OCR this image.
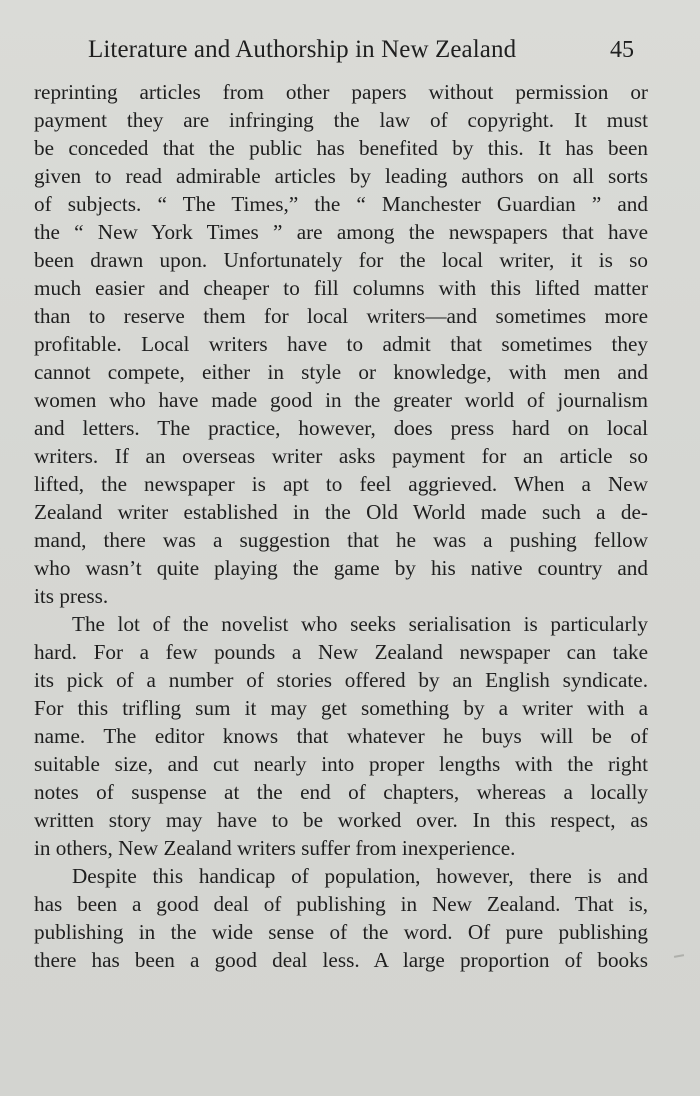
Literature and Authorship in New Zealand	45
reprinting articles from other papers without permission or
payment they are infringing the law of copyright. It must
be conceded that the public has benefited by this. It has been
given to read admirable articles by leading authors on all sorts
of subjects. “ The Times,” the “ Manchester Guardian ” and
the “ New York Times ” are among the newspapers that have
been drawn upon. Unfortunately for the local writer, it is so
much easier and cheaper to fill columns with this lifted matter
than to reserve them for local writers—and sometimes more
profitable. Local writers have to admit that sometimes they
cannot compete, either in style or knowledge, with men and
women who have made good in the greater world of journalism
and letters. The practice, however, does press hard on local
writers. If an overseas writer asks payment for an article so
lifted, the newspaper is apt to feel aggrieved. When a New
Zealand writer established in the Old World made such a de-
mand, there was a suggestion that he was a pushing fellow
who wasn’t quite playing the game by his native country and
its press.
The lot of the novelist who seeks serialisation is particularly
hard. For a few pounds a New Zealand newspaper can take
its pick of a number of stories offered by an English syndicate.
For this trifling sum it may get something by a writer with a
name. The editor knows that whatever he buys will be of
suitable size, and cut nearly into proper lengths with the right
notes of suspense at the end of chapters, whereas a locally
written story may have to be worked over. In this respect, as
in others, New Zealand writers suffer from inexperience.
Despite this handicap of population, however, there is and
has been a good deal of publishing in New Zealand. That is,
publishing in the wide sense of the word. Of pure publishing
there has been a good deal less. A large proportion of books
